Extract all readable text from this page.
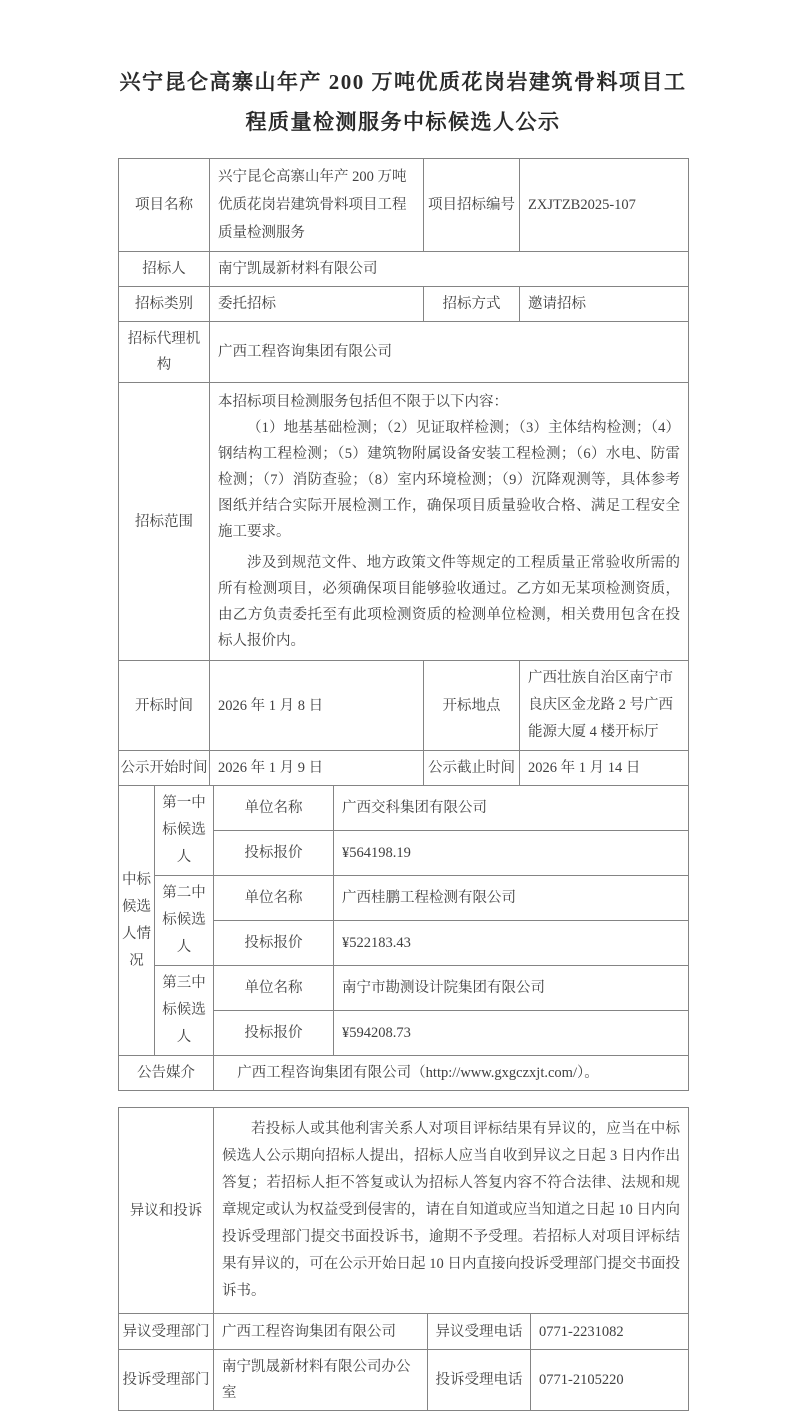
兴宁昆仑高寨山年产 200 万吨优质花岗岩建筑骨料项目工程质量检测服务中标候选人公示
项目名称	兴宁昆仑高寨山年产 200 万吨优质花岗岩建筑骨料项目工程质量检测服务	项目招标编号	ZXJTZB2025-107
招标人	南宁凯晟新材料有限公司		
招标类别	委托招标	招标方式	邀请招标
招标代理机构	广西工程咨询集团有限公司		
招标范围	本招标项目检测服务包括但不限于以下内容：

（1）地基基础检测；（2）见证取样检测；（3）主体结构检测；（4）钢结构工程检测；（5）建筑物附属设备安装工程检测；（6）水电、防雷检测；（7）消防查验；（8）室内环境检测；（9）沉降观测等，具体参考图纸并结合实际开展检测工作，确保项目质量验收合格、满足工程安全施工要求。

涉及到规范文件、地方政策文件等规定的工程质量正常验收所需的所有检测项目，必须确保项目能够验收通过。乙方如无某项检测资质，由乙方负责委托至有此项检测资质的检测单位检测，相关费用包含在投标人报价内。		

开标时间	2026 年 1 月 8 日	开标地点	广西壮族自治区南宁市良庆区金龙路 2 号广西能源大厦 4 楼开标厅
公示开始时间	2026 年 1 月 9 日	公示截止时间	2026 年 1 月 14 日
中标候选人情况	第一中标候选人	单位名称	广西交科集团有限公司
		投标报价	¥564198.19
	第二中标候选人	单位名称	广西桂鹏工程检测有限公司
		投标报价	¥522183.43
	第三中标候选人	单位名称	南宁市勘测设计院集团有限公司
		投标报价	¥594208.73
公告媒介		广西工程咨询集团有限公司（http://www.gxgczxjt.com/）。	
异议和投诉	若投标人或其他利害关系人对项目评标结果有异议的，应当在中标候选人公示期向招标人提出，招标人应当自收到异议之日起 3 日内作出答复；若招标人拒不答复或认为招标人答复内容不符合法律、法规和规章规定或认为权益受到侵害的，请在自知道或应当知道之日起 10 日内向投诉受理部门提交书面投诉书，逾期不予受理。若招标人对项目评标结果有异议的，可在公示开始日起 10 日内直接向投诉受理部门提交书面投诉书。		

异议受理部门	广西工程咨询集团有限公司	异议受理电话	0771-2231082
投诉受理部门	南宁凯晟新材料有限公司办公室	投诉受理电话	0771-2105220
